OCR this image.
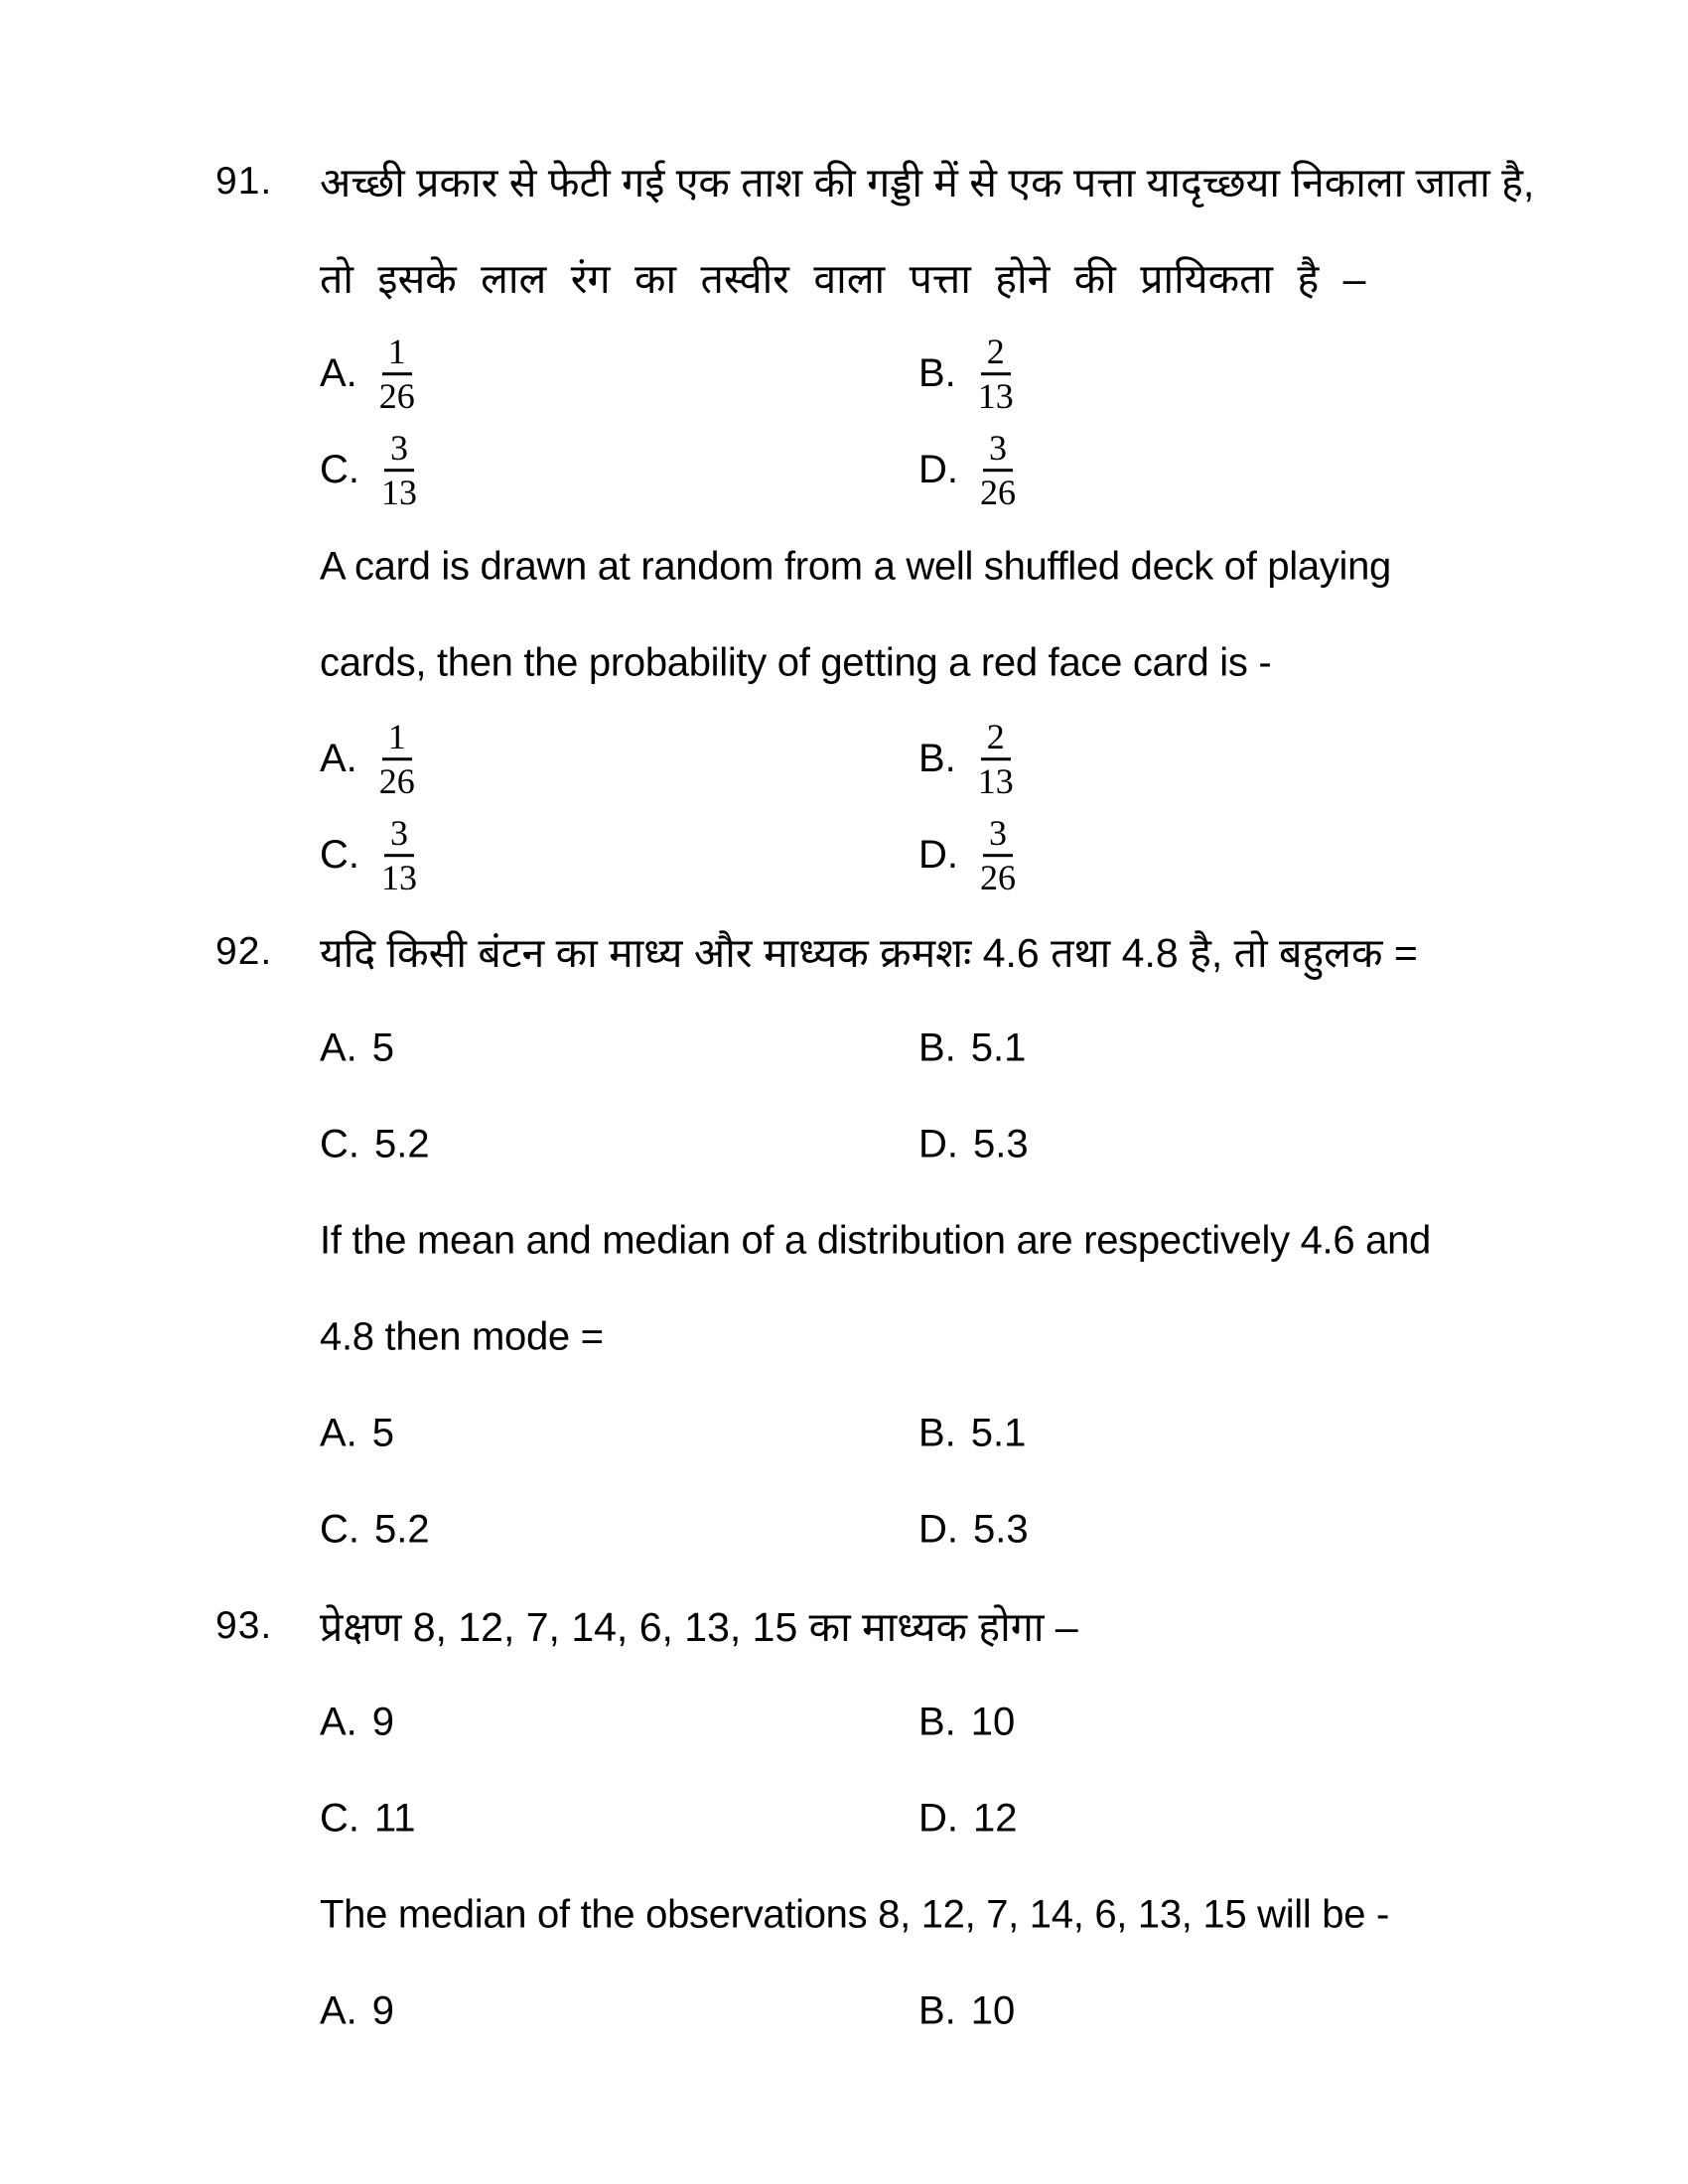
91. अच्छी प्रकार से फेटी गई एक ताश की गड्डी में से एक पत्ता यादृच्छया निकाला जाता है,
तो इसके लाल रंग का तस्वीर वाला पत्ता होने की प्रायिकता है –
A. $\frac{1}{26}$	B. $\frac{2}{13}$
C. $\frac{3}{13}$	D. $\frac{3}{26}$
A card is drawn at random from a well shuffled deck of playing
cards, then the probability of getting a red face card is -
A. $\frac{1}{26}$	B. $\frac{2}{13}$
C. $\frac{3}{13}$	D. $\frac{3}{26}$
92. यदि किसी बंटन का माध्य और माध्यक क्रमशः 4.6 तथा 4.8 है, तो बहुलक =
A. 5	B. 5.1
C. 5.2	D. 5.3
If the mean and median of a distribution are respectively 4.6 and
4.8 then mode =
A. 5	B. 5.1
C. 5.2	D. 5.3
93. प्रेक्षण 8, 12, 7, 14, 6, 13, 15 का माध्यक होगा –
A. 9	B. 10
C. 11	D. 12
The median of the observations 8, 12, 7, 14, 6, 13, 15 will be -
A. 9	B. 10
